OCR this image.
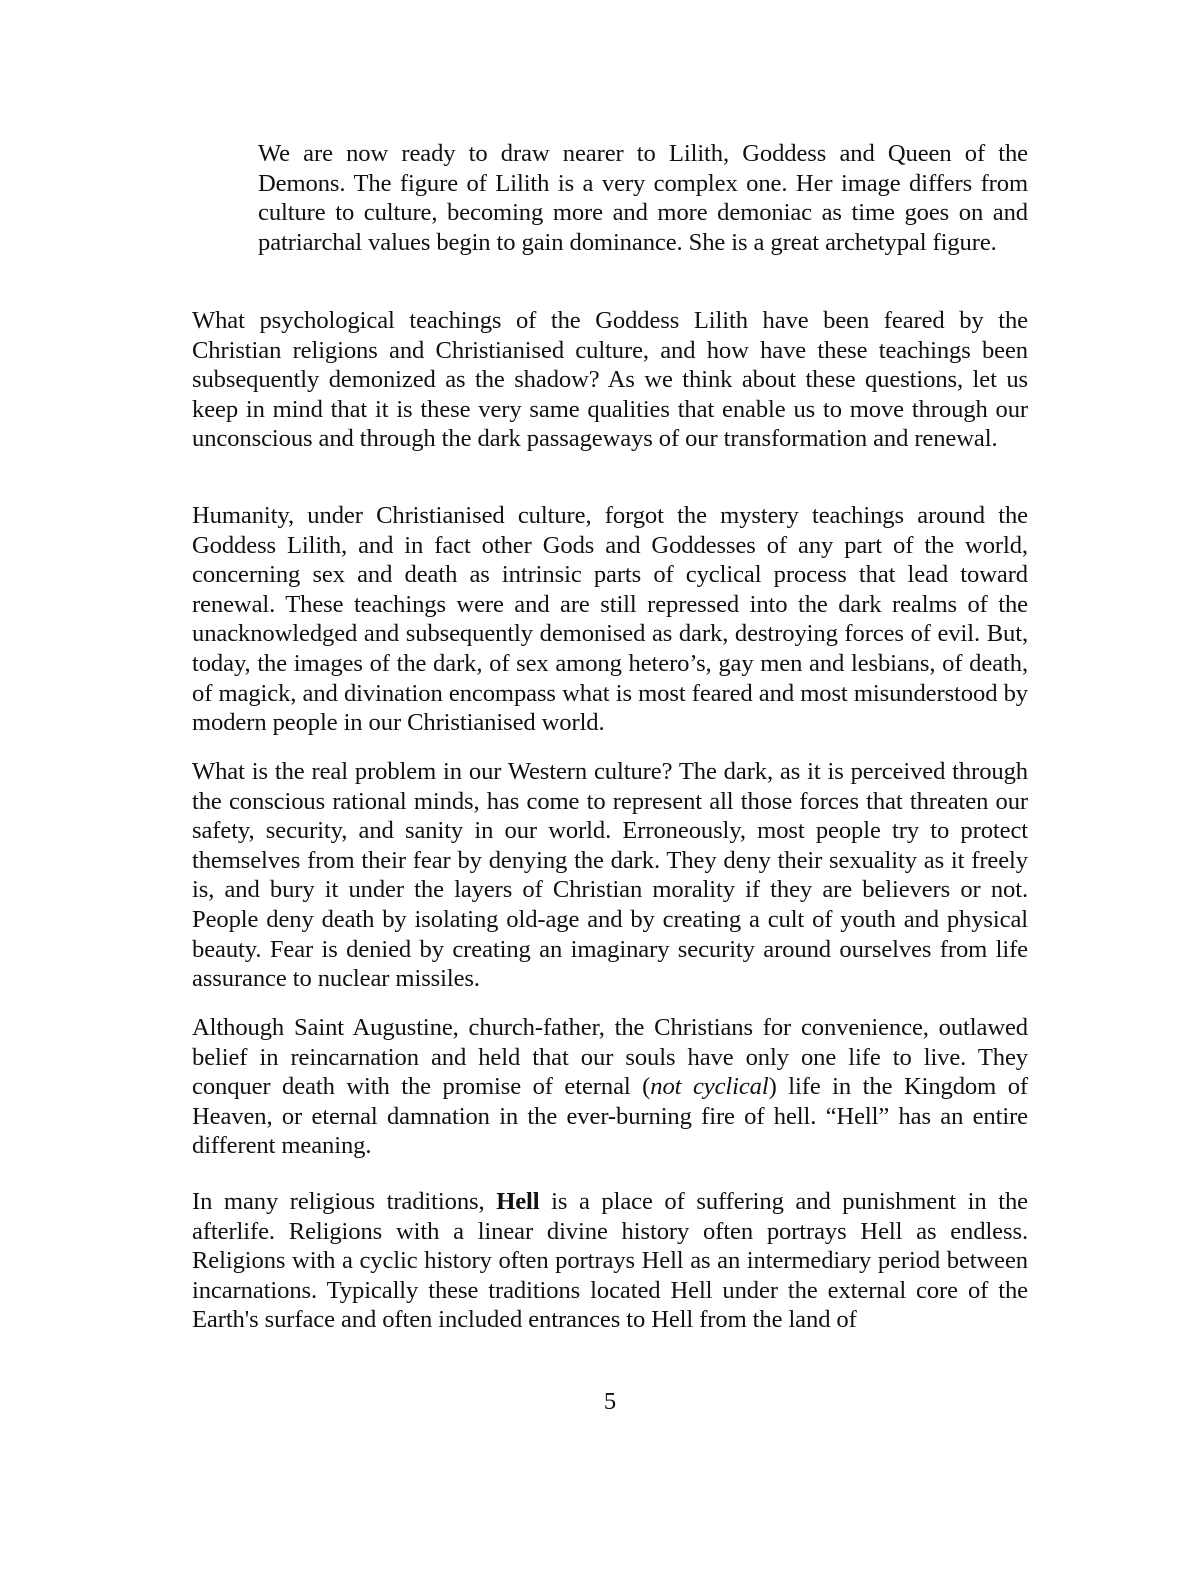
We are now ready to draw nearer to Lilith, Goddess and Queen of the Demons. The figure of Lilith is a very complex one. Her image differs from culture to culture, becoming more and more demoniac as time goes on and patriarchal values begin to gain dominance. She is a great archetypal figure.

What psychological teachings of the Goddess Lilith have been feared by the Christian religions and Christianised culture, and how have these teachings been subsequently demonized as the shadow? As we think about these questions, let us keep in mind that it is these very same qualities that enable us to move through our unconscious and through the dark passageways of our transformation and renewal.

Humanity, under Christianised culture, forgot the mystery teachings around the Goddess Lilith, and in fact other Gods and Goddesses of any part of the world, concerning sex and death as intrinsic parts of cyclical process that lead toward renewal. These teachings were and are still repressed into the dark realms of the unacknowledged and subsequently demonised as dark, destroying forces of evil. But, today, the images of the dark, of sex among hetero’s, gay men and lesbians, of death, of magick, and divination encompass what is most feared and most misunderstood by modern people in our Christianised world.

What is the real problem in our Western culture? The dark, as it is perceived through the conscious rational minds, has come to represent all those forces that threaten our safety, security, and sanity in our world. Erroneously, most people try to protect themselves from their fear by denying the dark. They deny their sexuality as it freely is, and bury it under the layers of Christian morality if they are believers or not. People deny death by isolating old-age and by creating a cult of youth and physical beauty. Fear is denied by creating an imaginary security around ourselves from life assurance to nuclear missiles.

Although Saint Augustine, church-father, the Christians for convenience, outlawed belief in reincarnation and held that our souls have only one life to live. They conquer death with the promise of eternal (not cyclical) life in the Kingdom of Heaven, or eternal damnation in the ever-burning fire of hell. “Hell” has an entire different meaning.

In many religious traditions, Hell is a place of suffering and punishment in the afterlife. Religions with a linear divine history often portrays Hell as endless. Religions with a cyclic history often portrays Hell as an intermediary period between incarnations. Typically these traditions located Hell under the external core of the Earth's surface and often included entrances to Hell from the land of

5
